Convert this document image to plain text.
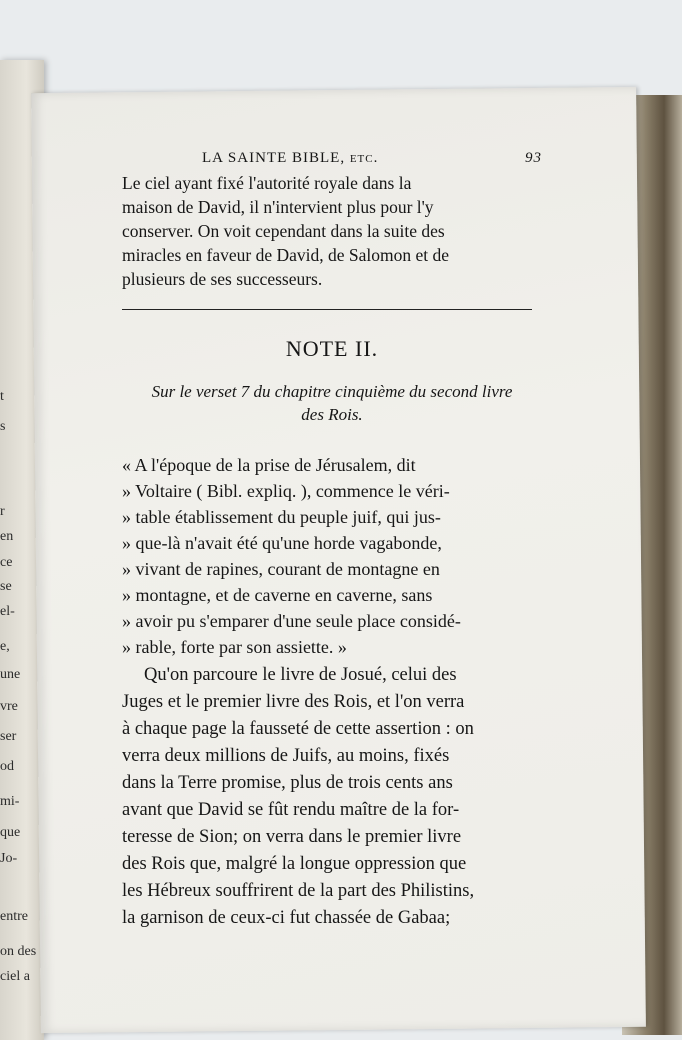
t
s
r
en
ce
se
el-
e,
une
vre
ser
od
mi-
que
Jo-
entre
on des
ciel a
LA SAINTE BIBLE, etc.	93

Le ciel ayant fixé l'autorité royale dans la
maison de David, il n'intervient plus pour l'y
conserver. On voit cependant dans la suite des
miracles en faveur de David, de Salomon et de
plusieurs de ses successeurs.

NOTE II.
Sur le verset 7 du chapitre cinquième du second livre
des Rois.
« A l'époque de la prise de Jérusalem, dit
» Voltaire ( Bibl. expliq. ), commence le véri-
» table établissement du peuple juif, qui jus-
» que-là n'avait été qu'une horde vagabonde,
» vivant de rapines, courant de montagne en
» montagne, et de caverne en caverne, sans
» avoir pu s'emparer d'une seule place considé-
» rable, forte par son assiette. »
Qu'on parcoure le livre de Josué, celui des
Juges et le premier livre des Rois, et l'on verra
à chaque page la fausseté de cette assertion : on
verra deux millions de Juifs, au moins, fixés
dans la Terre promise, plus de trois cents ans
avant que David se fût rendu maître de la for-
teresse de Sion; on verra dans le premier livre
des Rois que, malgré la longue oppression que
les Hébreux souffrirent de la part des Philistins,
la garnison de ceux-ci fut chassée de Gabaa;
